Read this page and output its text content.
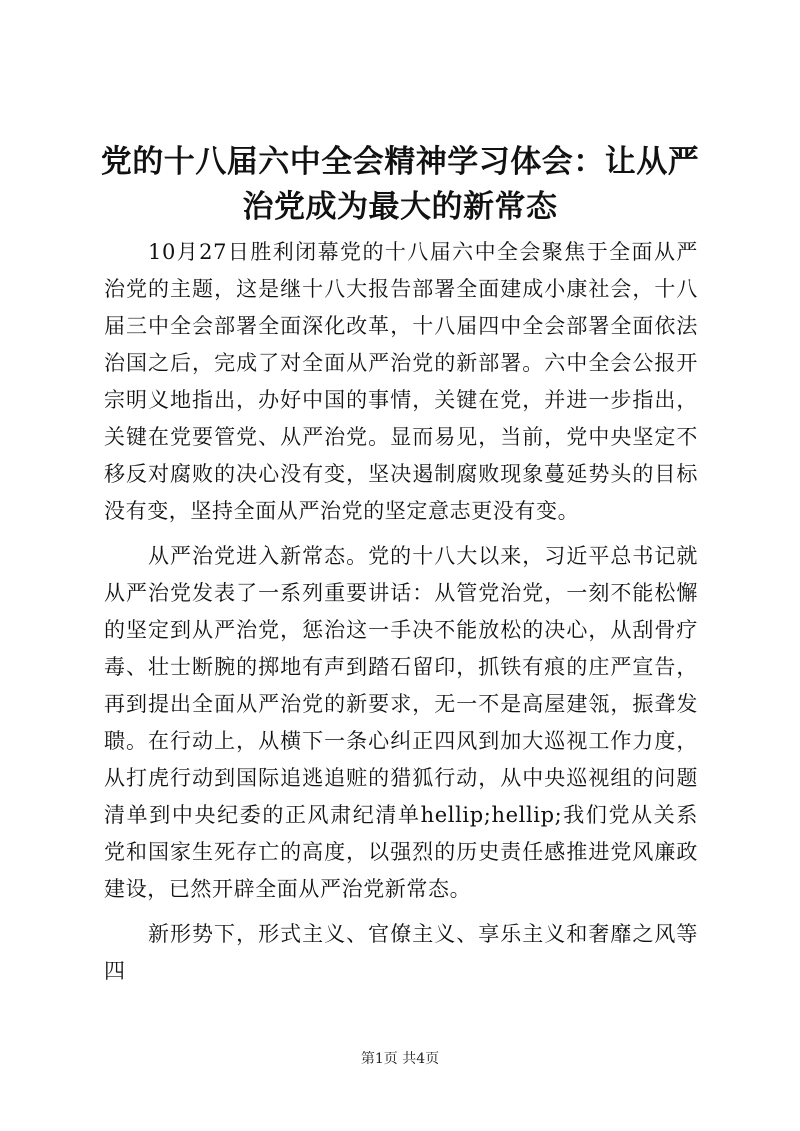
党的十八届六中全会精神学习体会：让从严治党成为最大的新常态

10月27日胜利闭幕党的十八届六中全会聚焦于全面从严治党的主题，这是继十八大报告部署全面建成小康社会，十八届三中全会部署全面深化改革，十八届四中全会部署全面依法治国之后，完成了对全面从严治党的新部署。六中全会公报开宗明义地指出，办好中国的事情，关键在党，并进一步指出，关键在党要管党、从严治党。显而易见，当前，党中央坚定不移反对腐败的决心没有变，坚决遏制腐败现象蔓延势头的目标没有变，坚持全面从严治党的坚定意志更没有变。

从严治党进入新常态。党的十八大以来，习近平总书记就从严治党发表了一系列重要讲话：从管党治党，一刻不能松懈的坚定到从严治党，惩治这一手决不能放松的决心，从刮骨疗毒、壮士断腕的掷地有声到踏石留印，抓铁有痕的庄严宣告，再到提出全面从严治党的新要求，无一不是高屋建瓴，振聋发聩。在行动上，从横下一条心纠正四风到加大巡视工作力度，从打虎行动到国际追逃追赃的猎狐行动，从中央巡视组的问题清单到中央纪委的正风肃纪清单hellip;hellip;我们党从关系党和国家生死存亡的高度，以强烈的历史责任感推进党风廉政建设，已然开辟全面从严治党新常态。

新形势下，形式主义、官僚主义、享乐主义和奢靡之风等四

第1页 共4页
